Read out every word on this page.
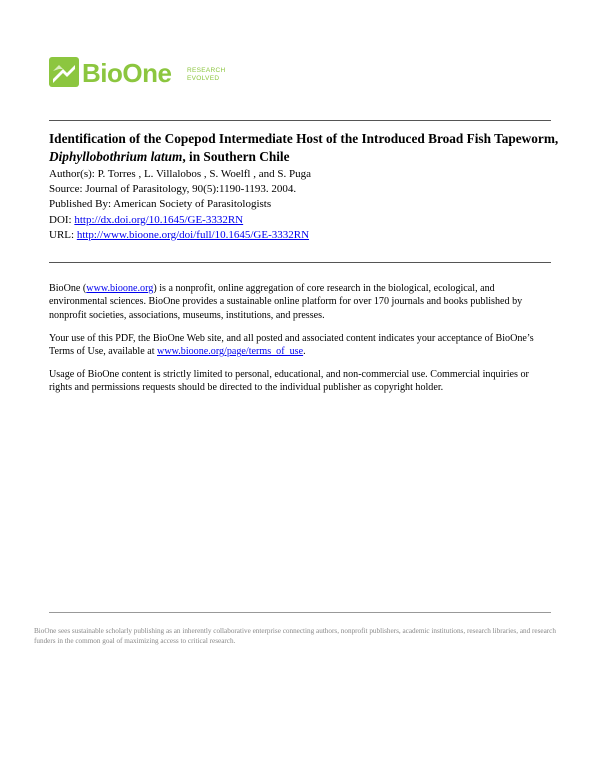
BioOne RESEARCH
EVOLVED
Identification of the Copepod Intermediate Host of the Introduced Broad Fish Tapeworm, Diphyllobothrium latum, in Southern Chile
Author(s): P. Torres , L. Villalobos , S. Woelfl , and S. Puga
Source: Journal of Parasitology, 90(5):1190-1193. 2004.
Published By: American Society of Parasitologists
DOI: http://dx.doi.org/10.1645/GE-3332RN
URL: http://www.bioone.org/doi/full/10.1645/GE-3332RN

BioOne (www.bioone.org) is a nonprofit, online aggregation of core research in the biological, ecological, and environmental sciences. BioOne provides a sustainable online platform for over 170 journals and books published by nonprofit societies, associations, museums, institutions, and presses.

Your use of this PDF, the BioOne Web site, and all posted and associated content indicates your acceptance of BioOne’s Terms of Use, available at www.bioone.org/page/terms_of_use.

Usage of BioOne content is strictly limited to personal, educational, and non-commercial use. Commercial inquiries or rights and permissions requests should be directed to the individual publisher as copyright holder.

BioOne sees sustainable scholarly publishing as an inherently collaborative enterprise connecting authors, nonprofit publishers, academic institutions, research libraries, and research funders in the common goal of maximizing access to critical research.
